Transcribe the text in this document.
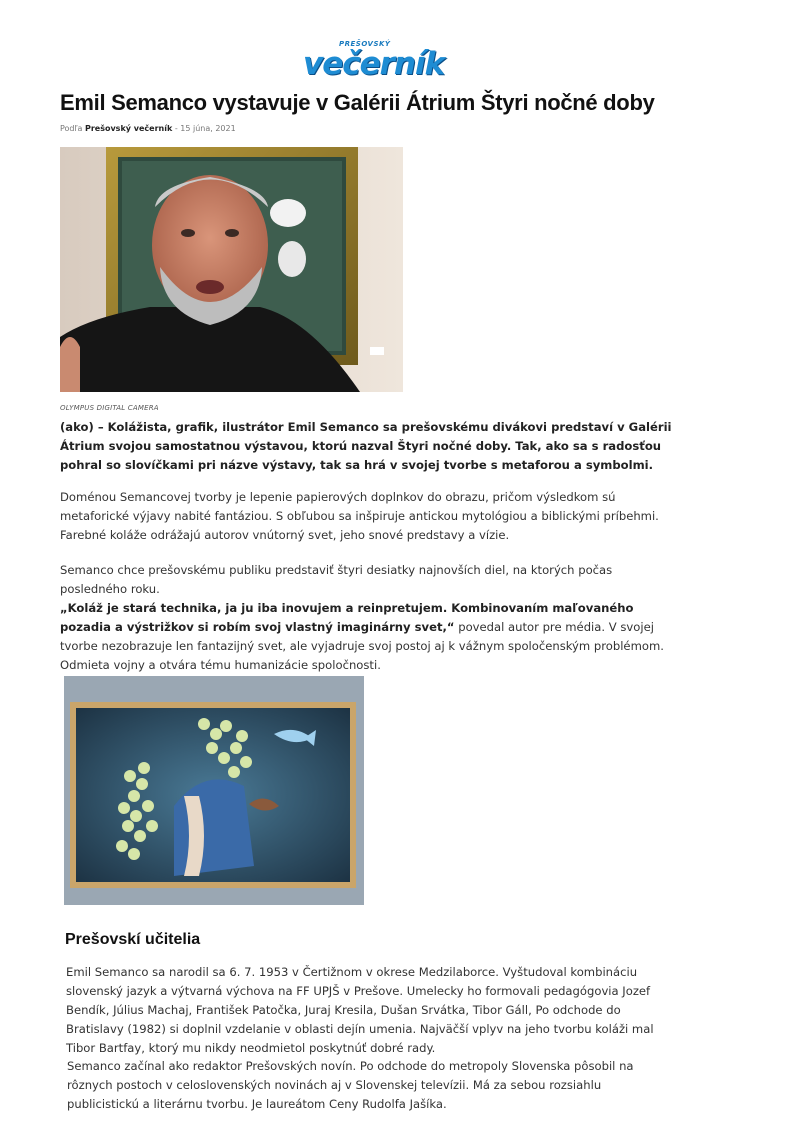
PREŠOVSKÝ
večerník
Emil Semanco vystavuje v Galérii Átrium Štyri nočné doby
Podľa Prešovský večerník - 15 júna, 2021
OLYMPUS DIGITAL CAMERA

(ako) – Kolážista, grafik, ilustrátor Emil Semanco sa prešovskému divákovi predstaví v Galérii Átrium svojou samostatnou výstavou, ktorú nazval Štyri nočné doby. Tak, ako sa s radosťou pohral so slovíčkami pri názve výstavy, tak sa hrá v svojej tvorbe s metaforou a symbolmi.

Doménou Semancovej tvorby je lepenie papierových doplnkov do obrazu, pričom výsledkom sú metaforické výjavy nabité fantáziou. S obľubou sa inšpiruje antickou mytológiou a biblickými príbehmi. Farebné koláže odrážajú autorov vnútorný svet, jeho snové predstavy a vízie.

Semanco chce prešovskému publiku predstaviť štyri desiatky najnovších diel, na ktorých počas posledného roku.
„Koláž je stará technika, ja ju iba inovujem a reinpretujem. Kombinovaním maľovaného pozadia a výstrižkov si robím svoj vlastný imaginárny svet,“ povedal autor pre média. V svojej tvorbe nezobrazuje len fantazijný svet, ale vyjadruje svoj postoj aj k vážnym spoločenským problémom. Odmieta vojny a otvára tému humanizácie spoločnosti.

Prešovskí učitelia

Emil Semanco sa narodil sa 6. 7. 1953 v Čertižnom v okrese Medzilaborce. Vyštudoval kombináciu slovenský jazyk a výtvarná výchova na FF UPJŠ v Prešove. Umelecky ho formovali pedagógovia Jozef Bendík, Július Machaj, František Patočka, Juraj Kresila, Dušan Srvátka, Tibor Gáll, Po odchode do Bratislavy (1982) si doplnil vzdelanie v oblasti dejín umenia. Najväčší vplyv na jeho tvorbu koláži mal Tibor Bartfay, ktorý mu nikdy neodmietol poskytnúť dobré rady.

Semanco začínal ako redaktor Prešovských novín. Po odchode do metropoly Slovenska pôsobil na rôznych postoch v celoslovenských novinách aj v Slovenskej televízii. Má za sebou rozsiahlu publicistickú a literárnu tvorbu. Je laureátom Ceny Rudolfa Jašíka.
